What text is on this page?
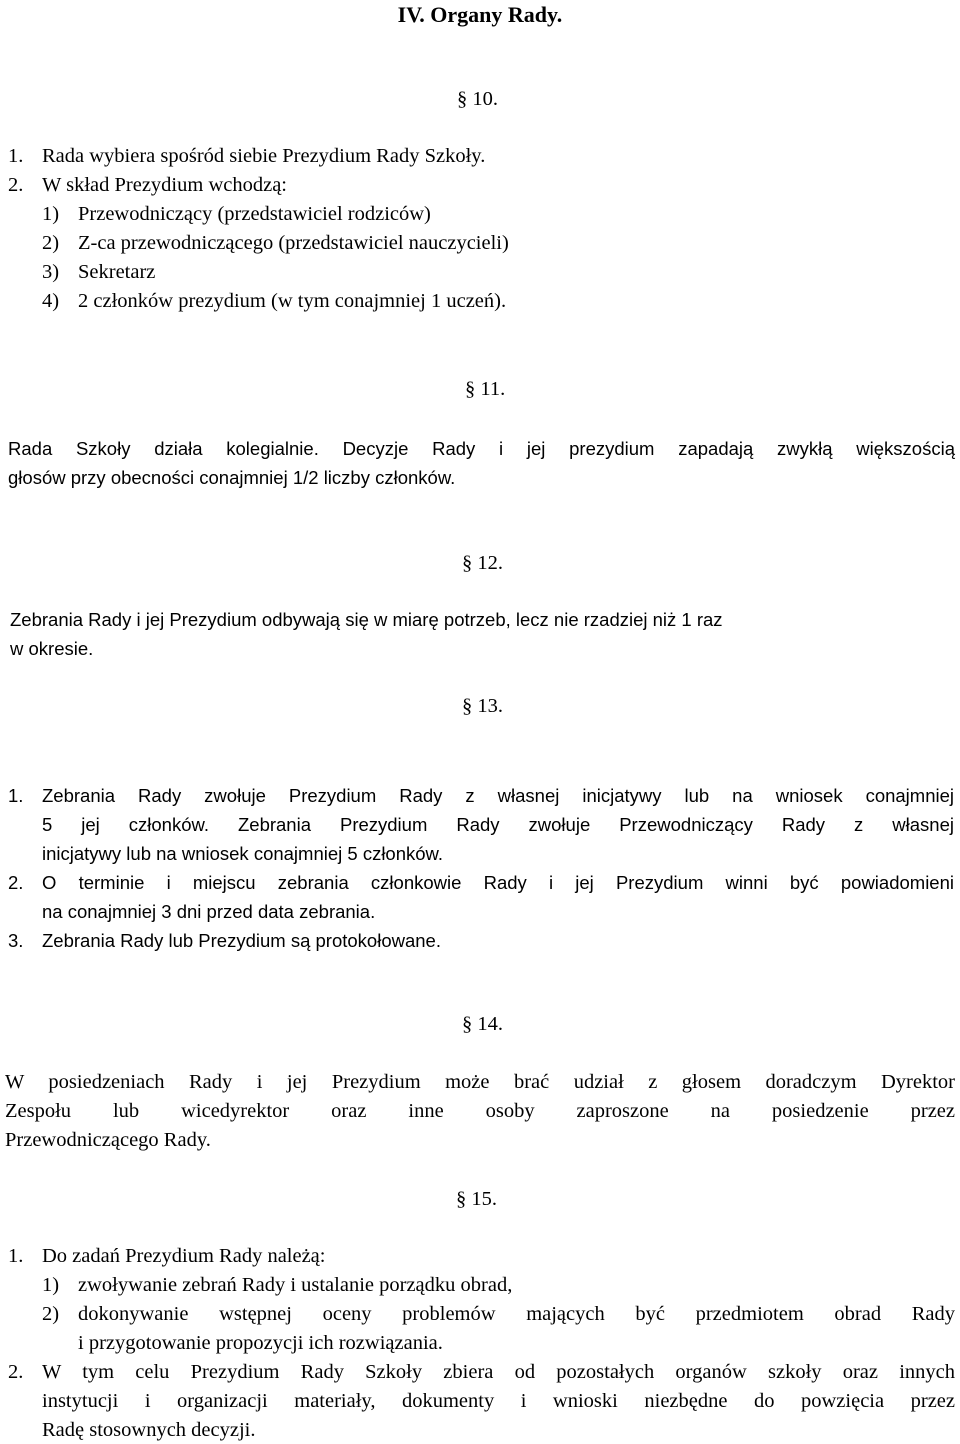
IV. Organy Rady.
§ 10.
1. Rada wybiera spośród siebie Prezydium Rady Szkoły.
2. W skład Prezydium wchodzą:
1) Przewodniczący (przedstawiciel rodziców)
2) Z-ca przewodniczącego (przedstawiciel nauczycieli)
3) Sekretarz
4) 2 członków prezydium (w tym conajmniej 1 uczeń).
§ 11.
Rada Szkoły działa kolegialnie. Decyzje Rady i jej prezydium zapadają zwykłą większością
głosów przy obecności conajmniej 1/2 liczby członków.
§ 12.
Zebrania Rady i jej Prezydium odbywają się w miarę potrzeb, lecz nie rzadziej niż 1 raz
w okresie.
§ 13.
1. Zebrania Rady zwołuje Prezydium Rady z własnej inicjatywy lub na wniosek conajmniej
5 jej członków. Zebrania Prezydium Rady zwołuje Przewodniczący Rady z własnej
inicjatywy lub na wniosek conajmniej 5 członków.
2. O terminie i miejscu zebrania członkowie Rady i jej Prezydium winni być powiadomieni
na conajmniej 3 dni przed data zebrania.
3. Zebrania Rady lub Prezydium są protokołowane.
§ 14.
W posiedzeniach Rady i jej Prezydium może brać udział z głosem doradczym Dyrektor
Zespołu lub wicedyrektor oraz inne osoby zaproszone na posiedzenie przez
Przewodniczącego Rady.
§ 15.
1. Do zadań Prezydium Rady należą:
1) zwoływanie zebrań Rady i ustalanie porządku obrad,
2) dokonywanie wstępnej oceny problemów mających być przedmiotem obrad Rady
i przygotowanie propozycji ich rozwiązania.
2. W tym celu Prezydium Rady Szkoły zbiera od pozostałych organów szkoły oraz innych
instytucji i organizacji materiały, dokumenty i wnioski niezbędne do powzięcia przez
Radę stosownych decyzji.
